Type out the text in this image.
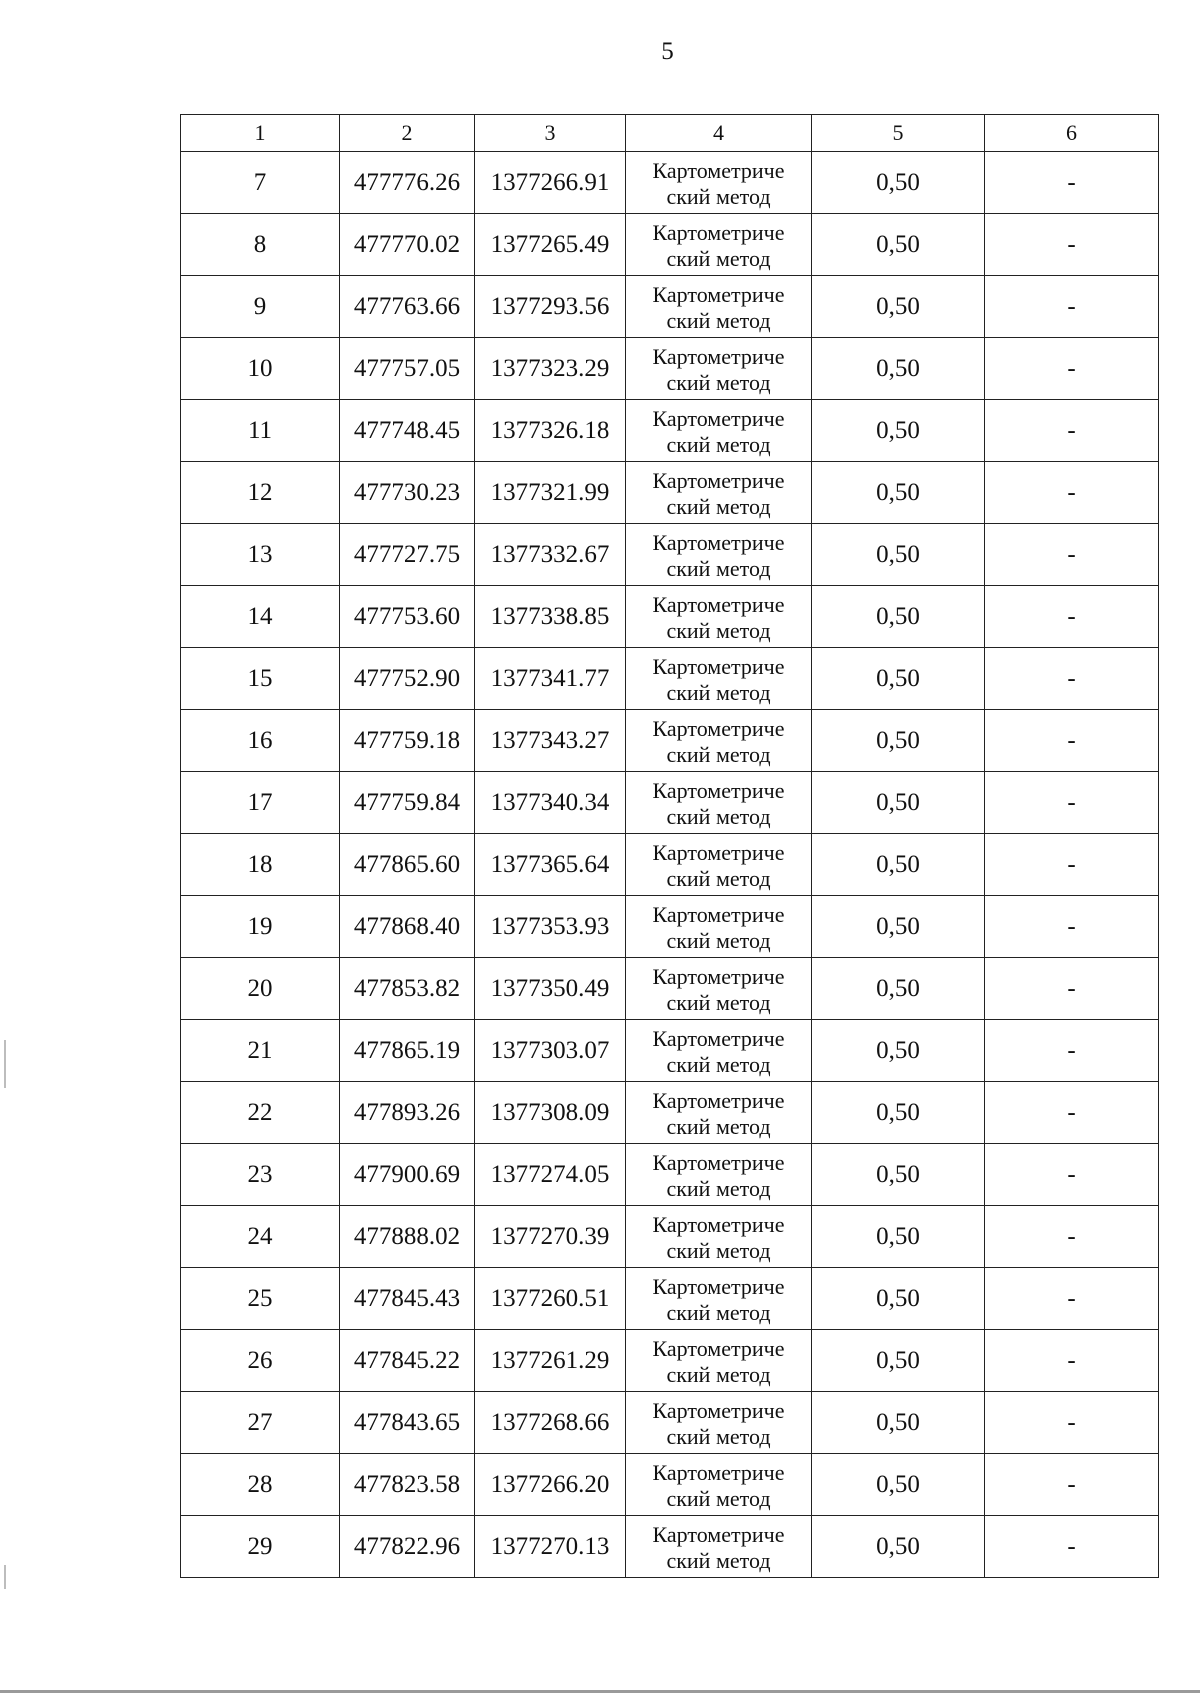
5
1	2	3	4	5	6
7	477776.26	1377266.91	Картометриче
ский метод	0,50	-
8	477770.02	1377265.49	Картометриче
ский метод	0,50	-
9	477763.66	1377293.56	Картометриче
ский метод	0,50	-
10	477757.05	1377323.29	Картометриче
ский метод	0,50	-
11	477748.45	1377326.18	Картометриче
ский метод	0,50	-
12	477730.23	1377321.99	Картометриче
ский метод	0,50	-
13	477727.75	1377332.67	Картометриче
ский метод	0,50	-
14	477753.60	1377338.85	Картометриче
ский метод	0,50	-
15	477752.90	1377341.77	Картометриче
ский метод	0,50	-
16	477759.18	1377343.27	Картометриче
ский метод	0,50	-
17	477759.84	1377340.34	Картометриче
ский метод	0,50	-
18	477865.60	1377365.64	Картометриче
ский метод	0,50	-
19	477868.40	1377353.93	Картометриче
ский метод	0,50	-
20	477853.82	1377350.49	Картометриче
ский метод	0,50	-
21	477865.19	1377303.07	Картометриче
ский метод	0,50	-
22	477893.26	1377308.09	Картометриче
ский метод	0,50	-
23	477900.69	1377274.05	Картометриче
ский метод	0,50	-
24	477888.02	1377270.39	Картометриче
ский метод	0,50	-
25	477845.43	1377260.51	Картометриче
ский метод	0,50	-
26	477845.22	1377261.29	Картометриче
ский метод	0,50	-
27	477843.65	1377268.66	Картометриче
ский метод	0,50	-
28	477823.58	1377266.20	Картометриче
ский метод	0,50	-
29	477822.96	1377270.13	Картометриче
ский метод	0,50	-
